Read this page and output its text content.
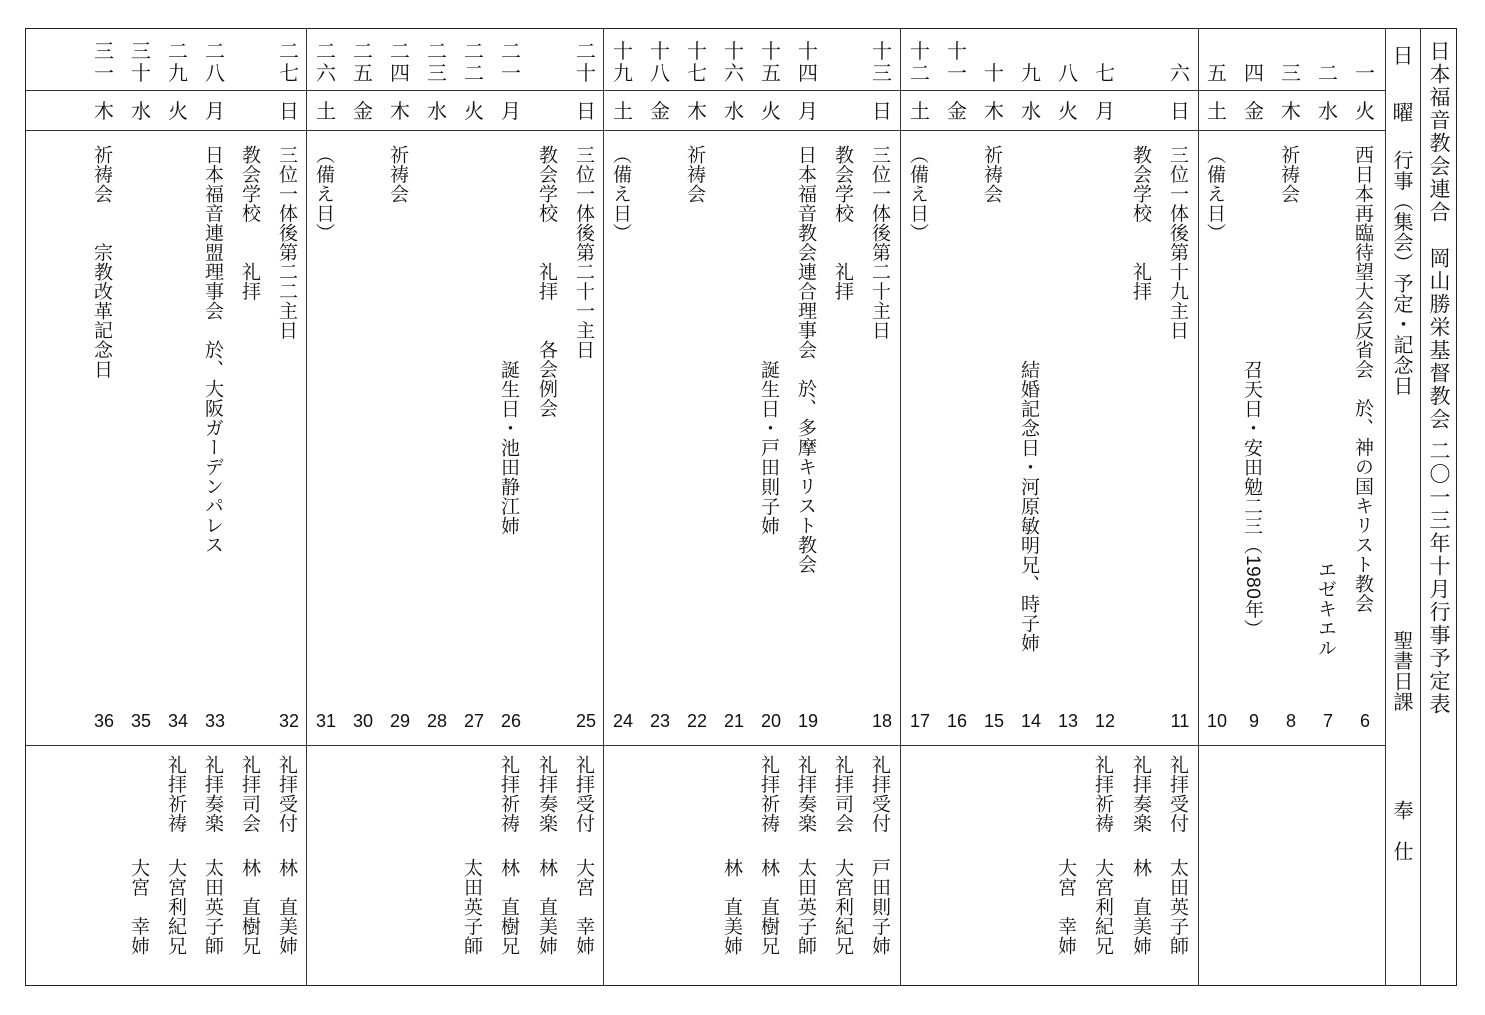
日本福音教会連合　岡山勝栄基督教会
二〇一三年十月行事予定表
日
曜
行事（集会）予定・記念日
聖書日課
奉　仕
一
火
西日本再臨待望大会反省会　於、神の国キリスト教会
エゼキエル
6
二
水
7
三
木
祈祷会
8
四
金
召天日・安田勉二三（1980年）
9
五
土
（備え日）
10
六
日
三位一体後第十九主日
11
礼拝受付
太田英子師
教会学校　　礼拝
礼拝奏楽
林　直美姉
七
月
12
礼拝祈祷
大宮利紀兄
八
火
13
大宮　幸姉
九
水
結婚記念日・河原敏明兄、時子姉
14
十
木
祈祷会
15
十
一
金
16
十
二
土
（備え日）
17
十
三
日
三位一体後第二十主日
18
礼拝受付
戸田則子姉
教会学校　　礼拝
礼拝司会
大宮利紀兄
十
四
月
日本福音教会連合理事会　於、多摩キリスト教会
19
礼拝奏楽
太田英子師
十
五
火
誕生日・戸田則子姉
20
礼拝祈祷
林　直樹兄
十
六
水
21
林　直美姉
十
七
木
祈祷会
22
十
八
金
23
十
九
土
（備え日）
24
二
十
日
三位一体後第二十一主日
25
礼拝受付
大宮　幸姉
教会学校　　礼拝　　各会例会
礼拝奏楽
林　直美姉
二
一
月
誕生日・池田静江姉
26
礼拝祈祷
林　直樹兄
二
二
火
27
太田英子師
二
三
水
28
二
四
木
祈祷会
29
二
五
金
30
二
六
土
（備え日）
31
二
七
日
三位一体後第二二主日
32
礼拝受付
林　直美姉
教会学校　　礼拝
礼拝司会
林　直樹兄
二
八
月
日本福音連盟理事会　於、大阪ガーデンパレス
33
礼拝奏楽
太田英子師
二
九
火
34
礼拝祈祷
大宮利紀兄
三
十
水
35
大宮　幸姉
三
一
木
祈祷会　　宗教改革記念日
36
